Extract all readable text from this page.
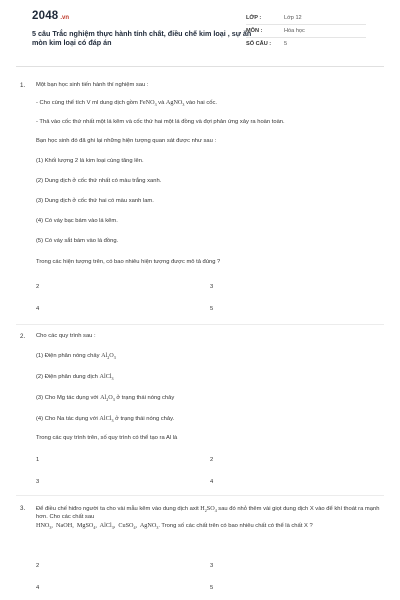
2048 .vn
5 câu Trắc nghiệm thực hành tính chất, điều chế kim loại , sự ăn mòn kim loại có đáp án
LỚP :	Lớp 12
MÔN :	Hóa học
SỐ CÂU :	5
1. Một bạn học sinh tiến hành thí nghiệm sau :
- Cho cùng thể tích V ml dung dịch gồm FeNO$_3$ và AgNO$_3$ vào hai cốc.
- Thả vào cốc thứ nhất một lá kẽm và cốc thứ hai một lá đồng và đợi phản ứng xảy ra hoàn toàn.
Bạn học sinh đó đã ghi lại những hiện tượng quan sát được như sau :
(1) Khối lượng 2 lá kim loại cùng tăng lên.
(2) Dung dịch ở cốc thứ nhất có màu trắng xanh.
(3) Dung dịch ở cốc thứ hai có màu xanh lam.
(4) Có váy bạc bám vào lá kẽm.
(5) Có váy sắt bám vào lá đồng.
Trong các hiện tượng trên, có bao nhiêu hiện tượng được mô tả đúng ?
2	3
4	5
2. Cho các quy trình sau :
(1) Điện phân nóng chảy $Al_2O_3$
(2) Điện phân dung dịch AlCl$_3$
(3) Cho Mg tác dụng với $Al_2O_3$ ở trạng thái nóng chảy
(4) Cho Na tác dụng với AlCl$_3$ ở trạng thái nóng chảy.
Trong các quy trình trên, số quy trình có thể tạo ra Al là
1	2
3	4
3. Để điều chế hiđro người ta cho vài mẫu kẽm vào dung dịch axit $H_2SO_4$ sau đó nhỏ thêm vài giọt dung dịch X vào để khí thoát ra mạnh hơn. Cho các chất sau
$HNO_3$,  NaOH,  MgSO$_4$,  AlCl$_3$,  CuSO$_4$,  AgNO$_3$. Trong số các chất trên có bao nhiêu chất có thể là chất X ?
2	3
4	5
